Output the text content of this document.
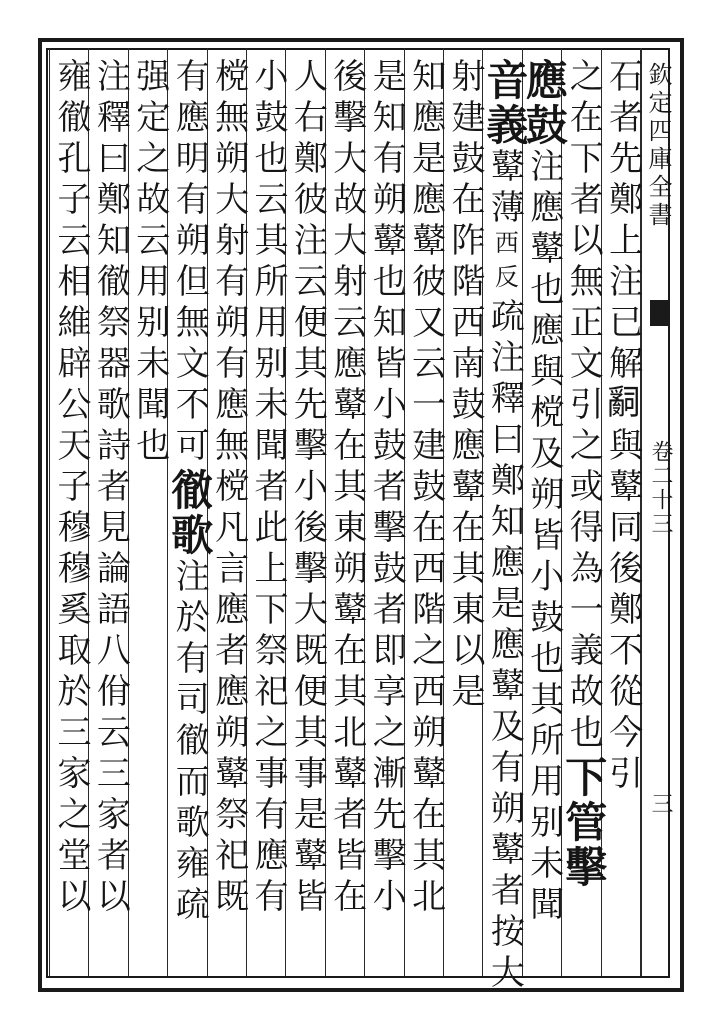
欽定四庫全書
卷二十三
三
石者先鄭上注已解𤔲與鼙同後鄭不從今引
之在下者以無正文引之或得為一義故也下管擊
應鼓注應鼙也應與𣗋及朔皆小鼓也其所用别未聞
音義鼙薄西反疏注釋曰鄭知應是應鼙及有朔鼙者按大
射建鼓在阼階西南鼓應鼙在其東以是
知應是應鼙彼又云一建鼓在西階之西朔鼙在其北
是知有朔鼙也知皆小鼓者擊鼓者即享之漸先擊小
後擊大故大射云應鼙在其東朔鼙在其北鼙者皆在
人右鄭彼注云便其先擊小後擊大既便其事是鼙皆
小鼓也云其所用别未聞者此上下祭祀之事有應有
𣗋無朔大射有朔有應無𣗋凡言應者應朔鼙祭祀既
有應明有朔但無文不可徹歌注於有司徹而歌雍疏
强定之故云用别未聞也
注釋曰鄭知徹祭器歌詩者見論語八佾云三家者以
雍徹孔子云相維辟公天子穆穆奚取於三家之堂以
